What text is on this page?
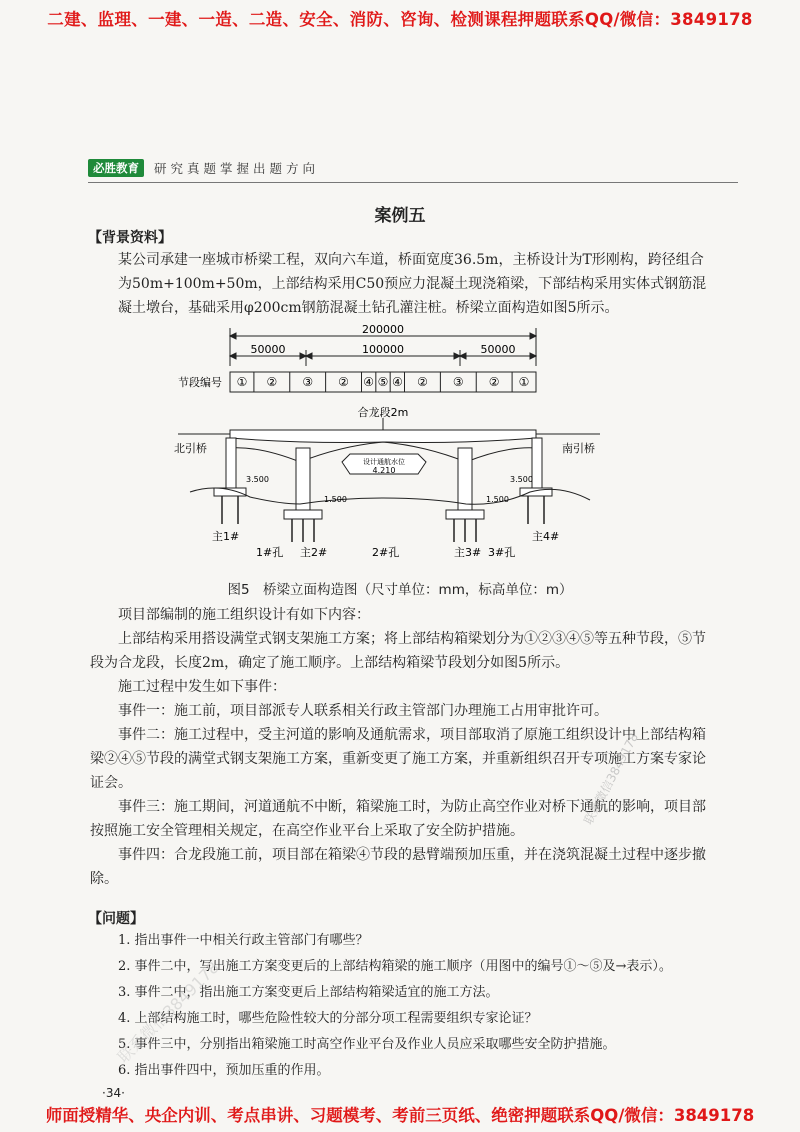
二建、监理、一建、一造、二造、安全、消防、咨询、检测课程押题联系QQ/微信：3849178
必胜教育	研究真题掌握出题方向
案例五
【背景资料】
某公司承建一座城市桥梁工程，双向六车道，桥面宽度36.5m，主桥设计为T形刚构，跨径组合为50m+100m+50m，上部结构采用C50预应力混凝土现浇箱梁，下部结构采用实体式钢筋混凝土墩台，基础采用φ200cm钢筋混凝土钻孔灌注桩。桥梁立面构造如图5所示。
200000
50000	100000	50000
节段编号 ① ② ③ ② ④ ⑤ ④ ② ③ ② ①
合龙段2m
北引桥	南引桥
设计通航水位
4.210
3.500
1.500	1.500
3.500
主1#
主2#	主3#
主4#
1#孔	2#孔	3#孔
图5　桥梁立面构造图（尺寸单位：mm，标高单位：m）
项目部编制的施工组织设计有如下内容：
上部结构采用搭设满堂式钢支架施工方案；将上部结构箱梁划分为①②③④⑤等五种节段，⑤节段为合龙段，长度2m，确定了施工顺序。上部结构箱梁节段划分如图5所示。
施工过程中发生如下事件：
事件一：施工前，项目部派专人联系相关行政主管部门办理施工占用审批许可。
事件二：施工过程中，受主河道的影响及通航需求，项目部取消了原施工组织设计中上部结构箱梁②④⑤节段的满堂式钢支架施工方案，重新变更了施工方案，并重新组织召开专项施工方案专家论证会。
事件三：施工期间，河道通航不中断，箱梁施工时，为防止高空作业对桥下通航的影响，项目部按照施工安全管理相关规定，在高空作业平台上采取了安全防护措施。
事件四：合龙段施工前，项目部在箱梁④节段的悬臂端预加压重，并在浇筑混凝土过程中逐步撤除。
【问题】
1. 指出事件一中相关行政主管部门有哪些？
2. 事件二中，写出施工方案变更后的上部结构箱梁的施工顺序（用图中的编号①～⑤及→表示）。
3. 事件二中，指出施工方案变更后上部结构箱梁适宜的施工方法。
4. 上部结构施工时，哪些危险性较大的分部分项工程需要组织专家论证？
5. 事件三中，分别指出箱梁施工时高空作业平台及作业人员应采取哪些安全防护措施。
6. 指出事件四中，预加压重的作用。
联系微信3849178
联系微信3849178
·34·
师面授精华、央企内训、考点串讲、习题模考、考前三页纸、绝密押题联系QQ/微信：3849178
